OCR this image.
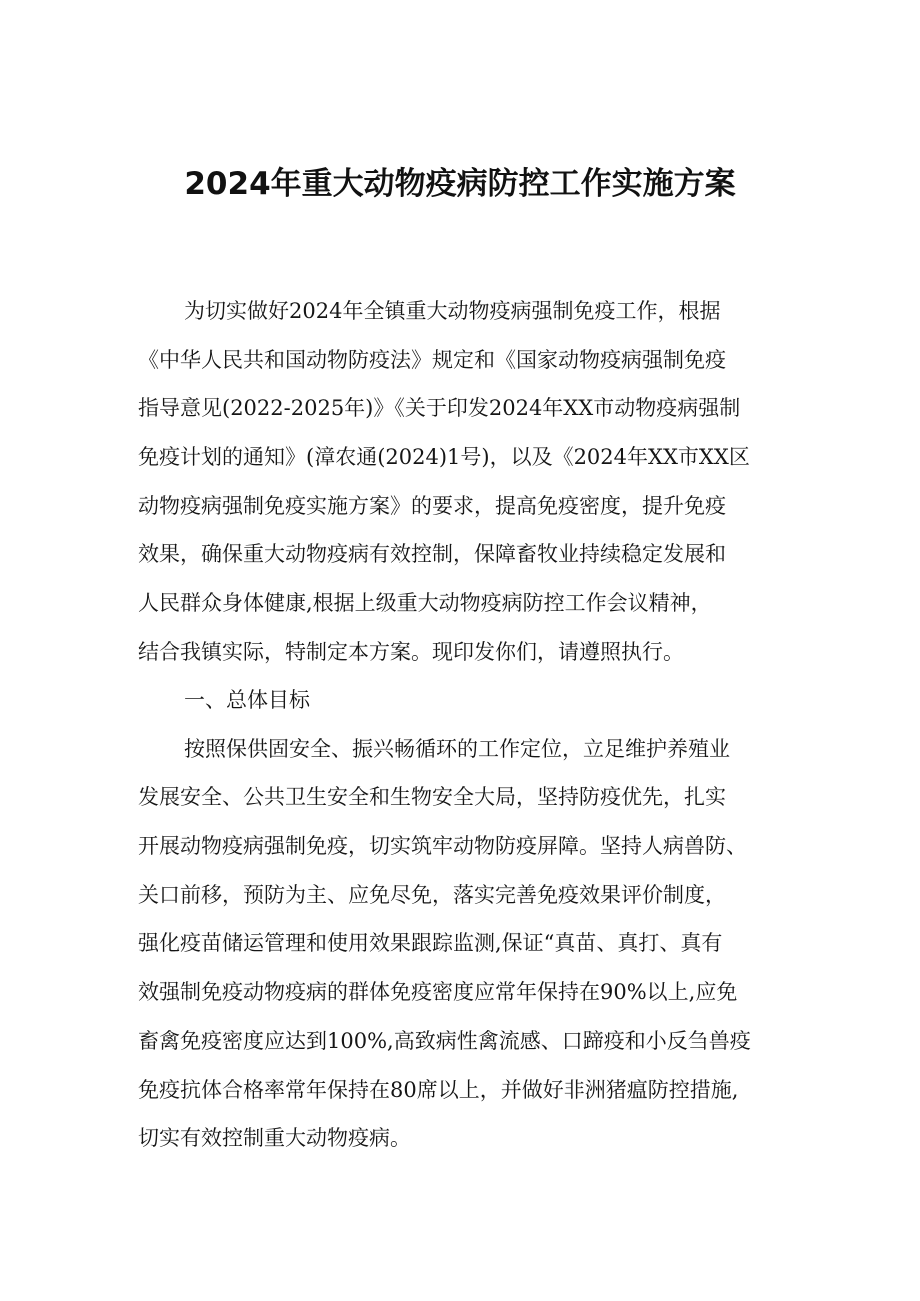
2024年重大动物疫病防控工作实施方案
为切实做好2024年全镇重大动物疫病强制免疫工作，根据
《中华人民共和国动物防疫法》规定和《国家动物疫病强制免疫
指导意见(2022-2025年)》《关于印发2024年XX市动物疫病强制
免疫计划的通知》(漳农通(2024)1号)，以及《2024年XX市XX区
动物疫病强制免疫实施方案》的要求，提高免疫密度，提升免疫
效果，确保重大动物疫病有效控制，保障畜牧业持续稳定发展和
人民群众身体健康,根据上级重大动物疫病防控工作会议精神，
结合我镇实际，特制定本方案。现印发你们，请遵照执行。
一、总体目标
按照保供固安全、振兴畅循环的工作定位，立足维护养殖业
发展安全、公共卫生安全和生物安全大局，坚持防疫优先，扎实
开展动物疫病强制免疫，切实筑牢动物防疫屏障。坚持人病兽防、
关口前移，预防为主、应免尽免，落实完善免疫效果评价制度，
强化疫苗储运管理和使用效果跟踪监测,保证“真苗、真打、真有
效强制免疫动物疫病的群体免疫密度应常年保持在90%以上,应免
畜禽免疫密度应达到100%,高致病性禽流感、口蹄疫和小反刍兽疫
免疫抗体合格率常年保持在80席以上，并做好非洲猪瘟防控措施,
切实有效控制重大动物疫病。
